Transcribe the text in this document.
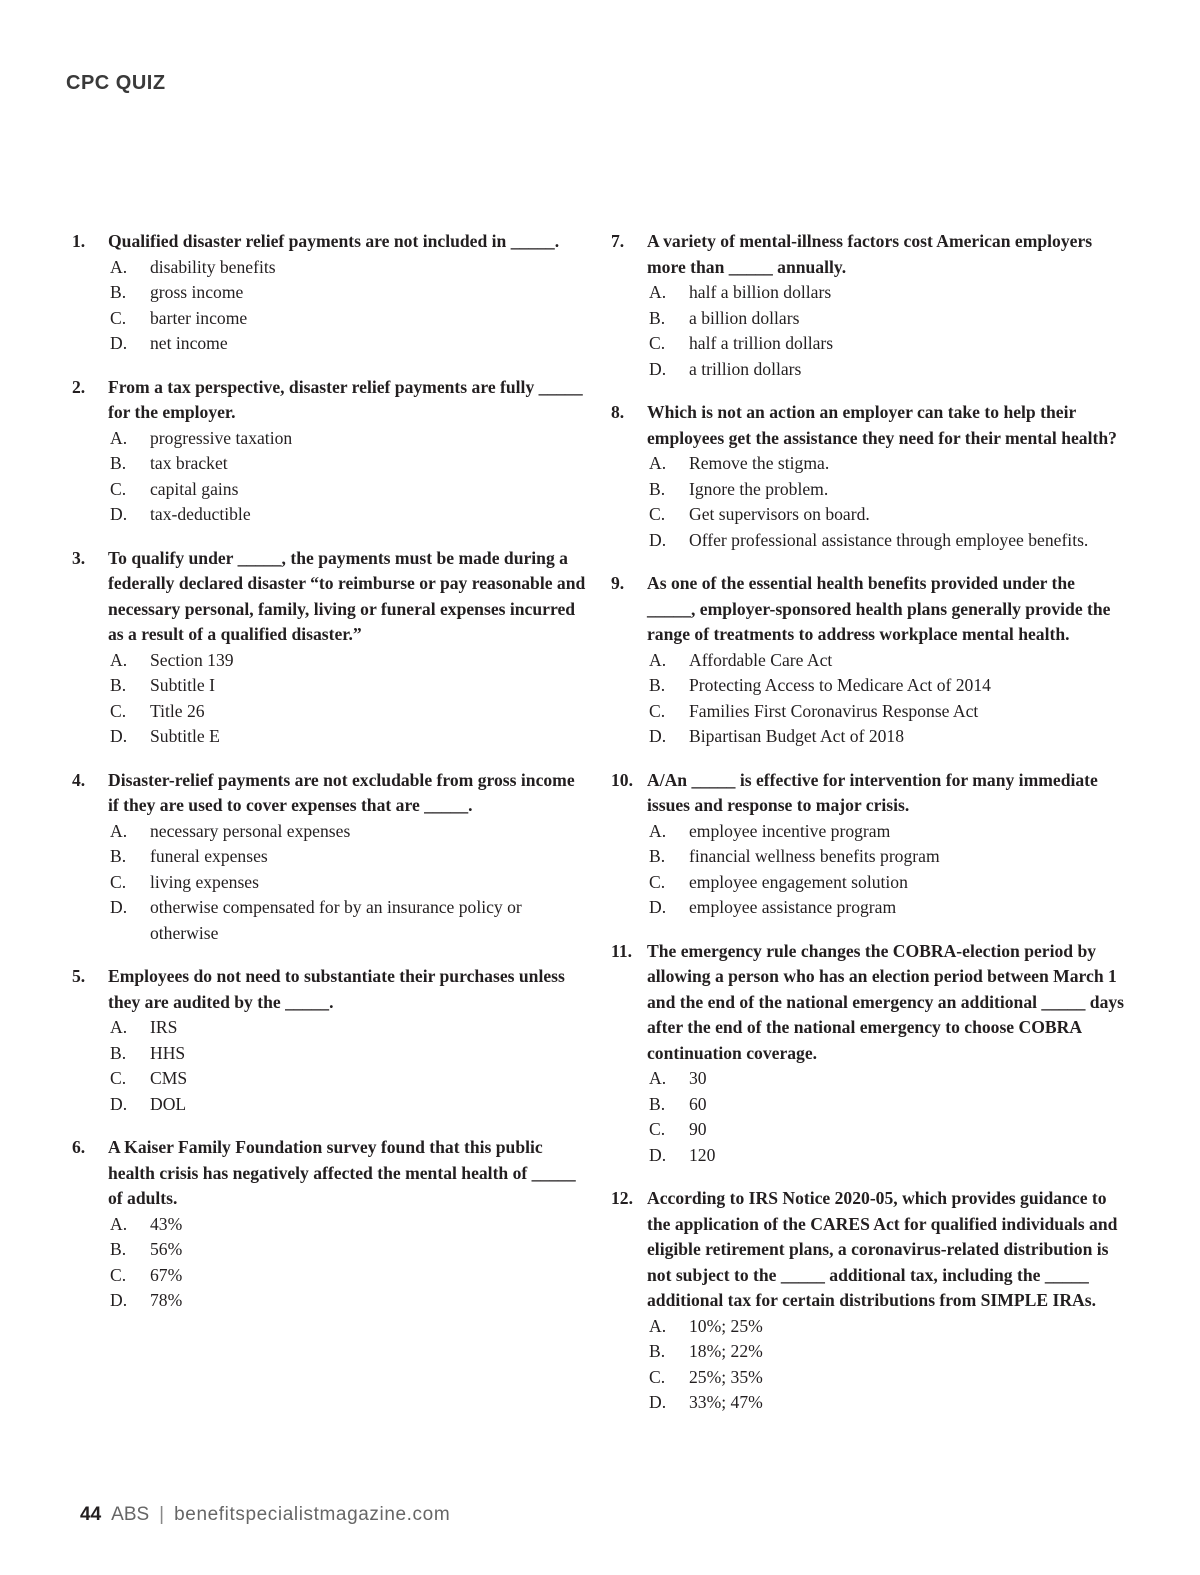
CPC QUIZ
1. Qualified disaster relief payments are not included in _____.
A. disability benefits
B. gross income
C. barter income
D. net income
2. From a tax perspective, disaster relief payments are fully _____ for the employer.
A. progressive taxation
B. tax bracket
C. capital gains
D. tax-deductible
3. To qualify under _____, the payments must be made during a federally declared disaster “to reimburse or pay reasonable and necessary personal, family, living or funeral expenses incurred as a result of a qualified disaster.”
A. Section 139
B. Subtitle I
C. Title 26
D. Subtitle E
4. Disaster-relief payments are not excludable from gross income if they are used to cover expenses that are _____.
A. necessary personal expenses
B. funeral expenses
C. living expenses
D. otherwise compensated for by an insurance policy or otherwise
5. Employees do not need to substantiate their purchases unless they are audited by the _____.
A. IRS
B. HHS
C. CMS
D. DOL
6. A Kaiser Family Foundation survey found that this public health crisis has negatively affected the mental health of _____ of adults.
A. 43%
B. 56%
C. 67%
D. 78%
7. A variety of mental-illness factors cost American employers more than _____ annually.
A. half a billion dollars
B. a billion dollars
C. half a trillion dollars
D. a trillion dollars
8. Which is not an action an employer can take to help their employees get the assistance they need for their mental health?
A. Remove the stigma.
B. Ignore the problem.
C. Get supervisors on board.
D. Offer professional assistance through employee benefits.
9. As one of the essential health benefits provided under the _____, employer-sponsored health plans generally provide the range of treatments to address workplace mental health.
A. Affordable Care Act
B. Protecting Access to Medicare Act of 2014
C. Families First Coronavirus Response Act
D. Bipartisan Budget Act of 2018
10. A/An _____ is effective for intervention for many immediate issues and response to major crisis.
A. employee incentive program
B. financial wellness benefits program
C. employee engagement solution
D. employee assistance program
11. The emergency rule changes the COBRA-election period by allowing a person who has an election period between March 1 and the end of the national emergency an additional _____ days after the end of the national emergency to choose COBRA continuation coverage.
A. 30
B. 60
C. 90
D. 120
12. According to IRS Notice 2020-05, which provides guidance to the application of the CARES Act for qualified individuals and eligible retirement plans, a coronavirus-related distribution is not subject to the _____ additional tax, including the _____ additional tax for certain distributions from SIMPLE IRAs.
A. 10%; 25%
B. 18%; 22%
C. 25%; 35%
D. 33%; 47%
44 ABS | benefitspecialistmagazine.com
